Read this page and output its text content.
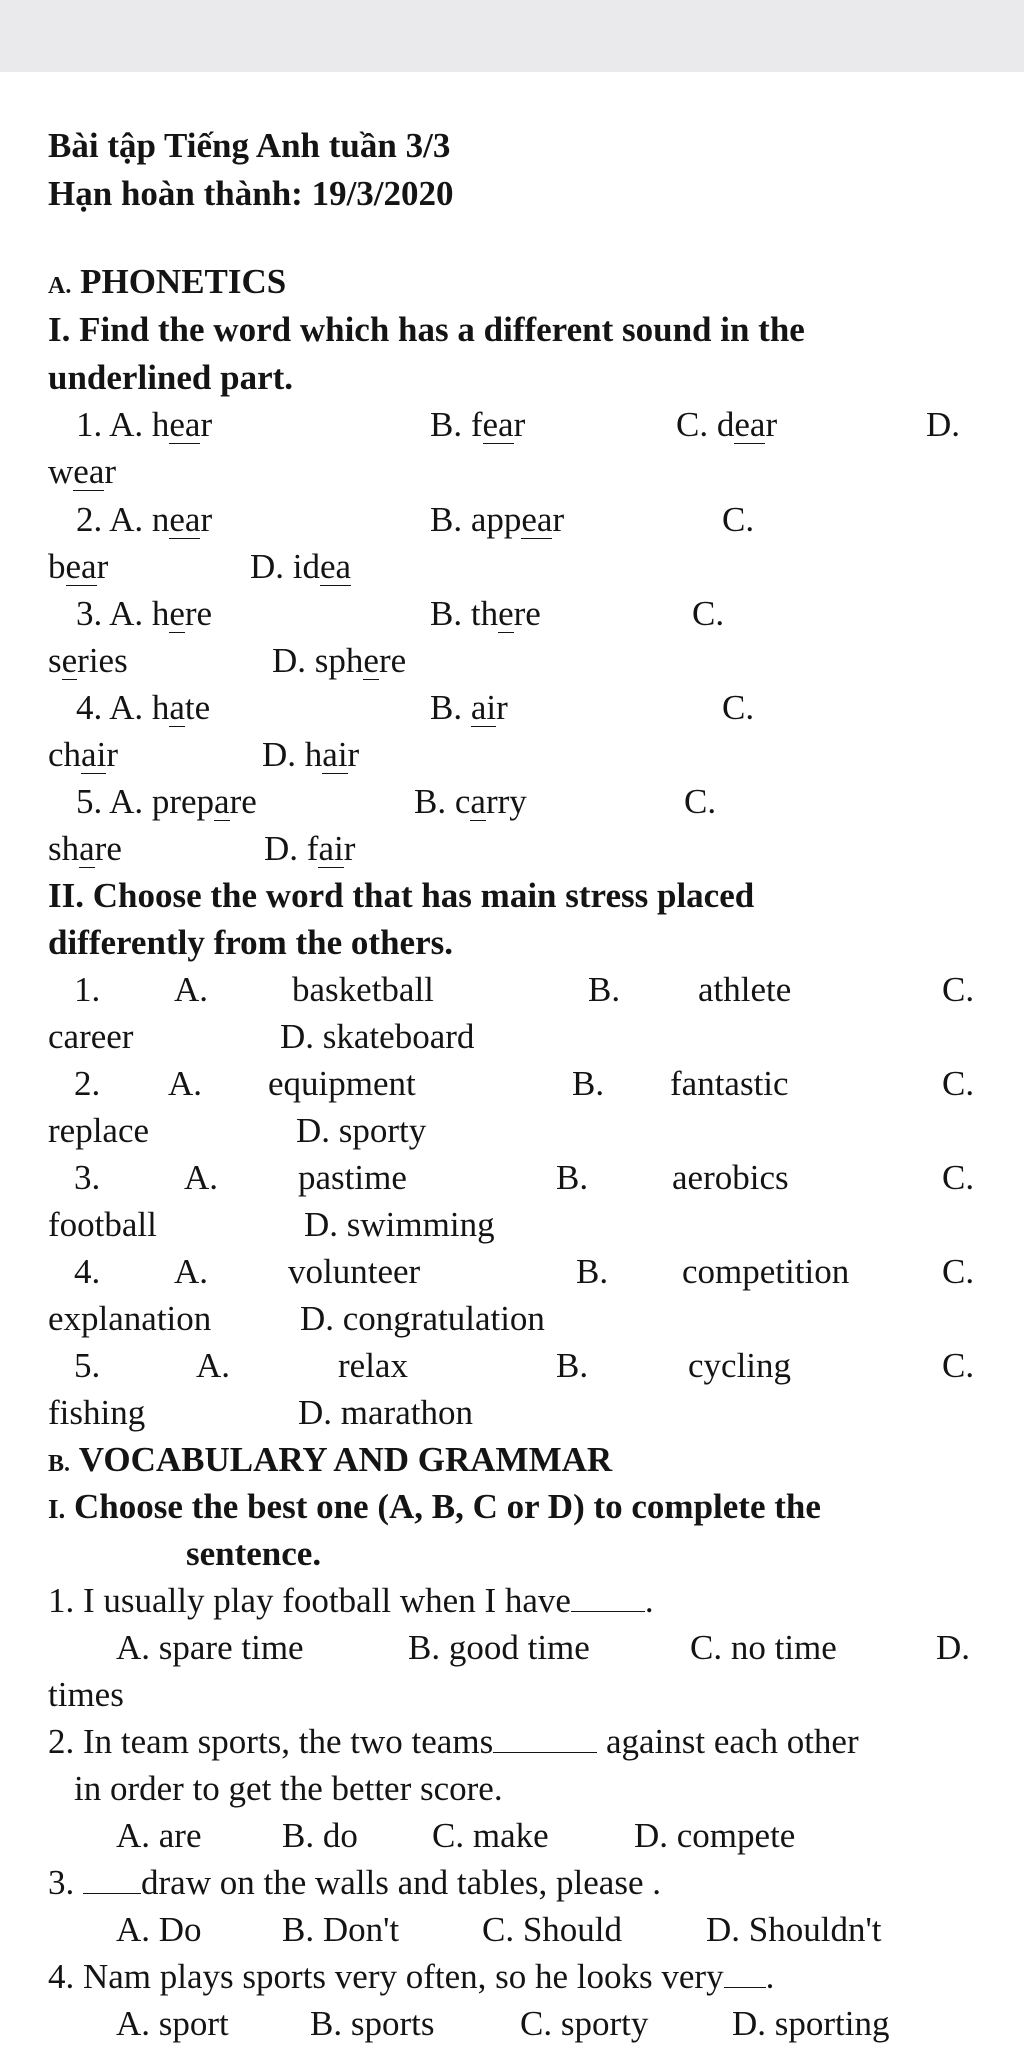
Bài tập Tiếng Anh tuần 3/3
Hạn hoàn thành: 19/3/2020
A. PHONETICS
I. Find the word which has a different sound in the
underlined part.
1. A. hear	B. fear	C. dear	D.
wear
2. A. near	B. appear	C.
bear	D. idea
3. A. here	B. there	C.
series	D. sphere
4. A. hate	B. air	C.
chair	D. hair
5. A. prepare	B. carry	C.
share	D. fair
II. Choose the word that has main stress placed
differently from the others.
1. A. basketball	B. athlete	C.
career	D. skateboard
2. A. equipment	B. fantastic	C.
replace	D. sporty
3. A. pastime	B. aerobics	C.
football	D. swimming
4. A. volunteer	B. competition	C.
explanation	D. congratulation
5.	A.	relax	B.	cycling	C.
fishing	D. marathon
B. VOCABULARY AND GRAMMAR
I. Choose the best one (A, B, C or D) to complete the
sentence.
1. I usually play football when I have .
A. spare time	B. good time	C. no time	D.
times
2. In team sports, the two teams	against each other
in order to get the better score.
A. are B. do C. make D. compete
3. draw on the walls and tables, please .
A. Do B. Don't C. Should D. Shouldn't
4. Nam plays sports very often, so he looks very .
A. sport B. sports C. sporty D. sporting
